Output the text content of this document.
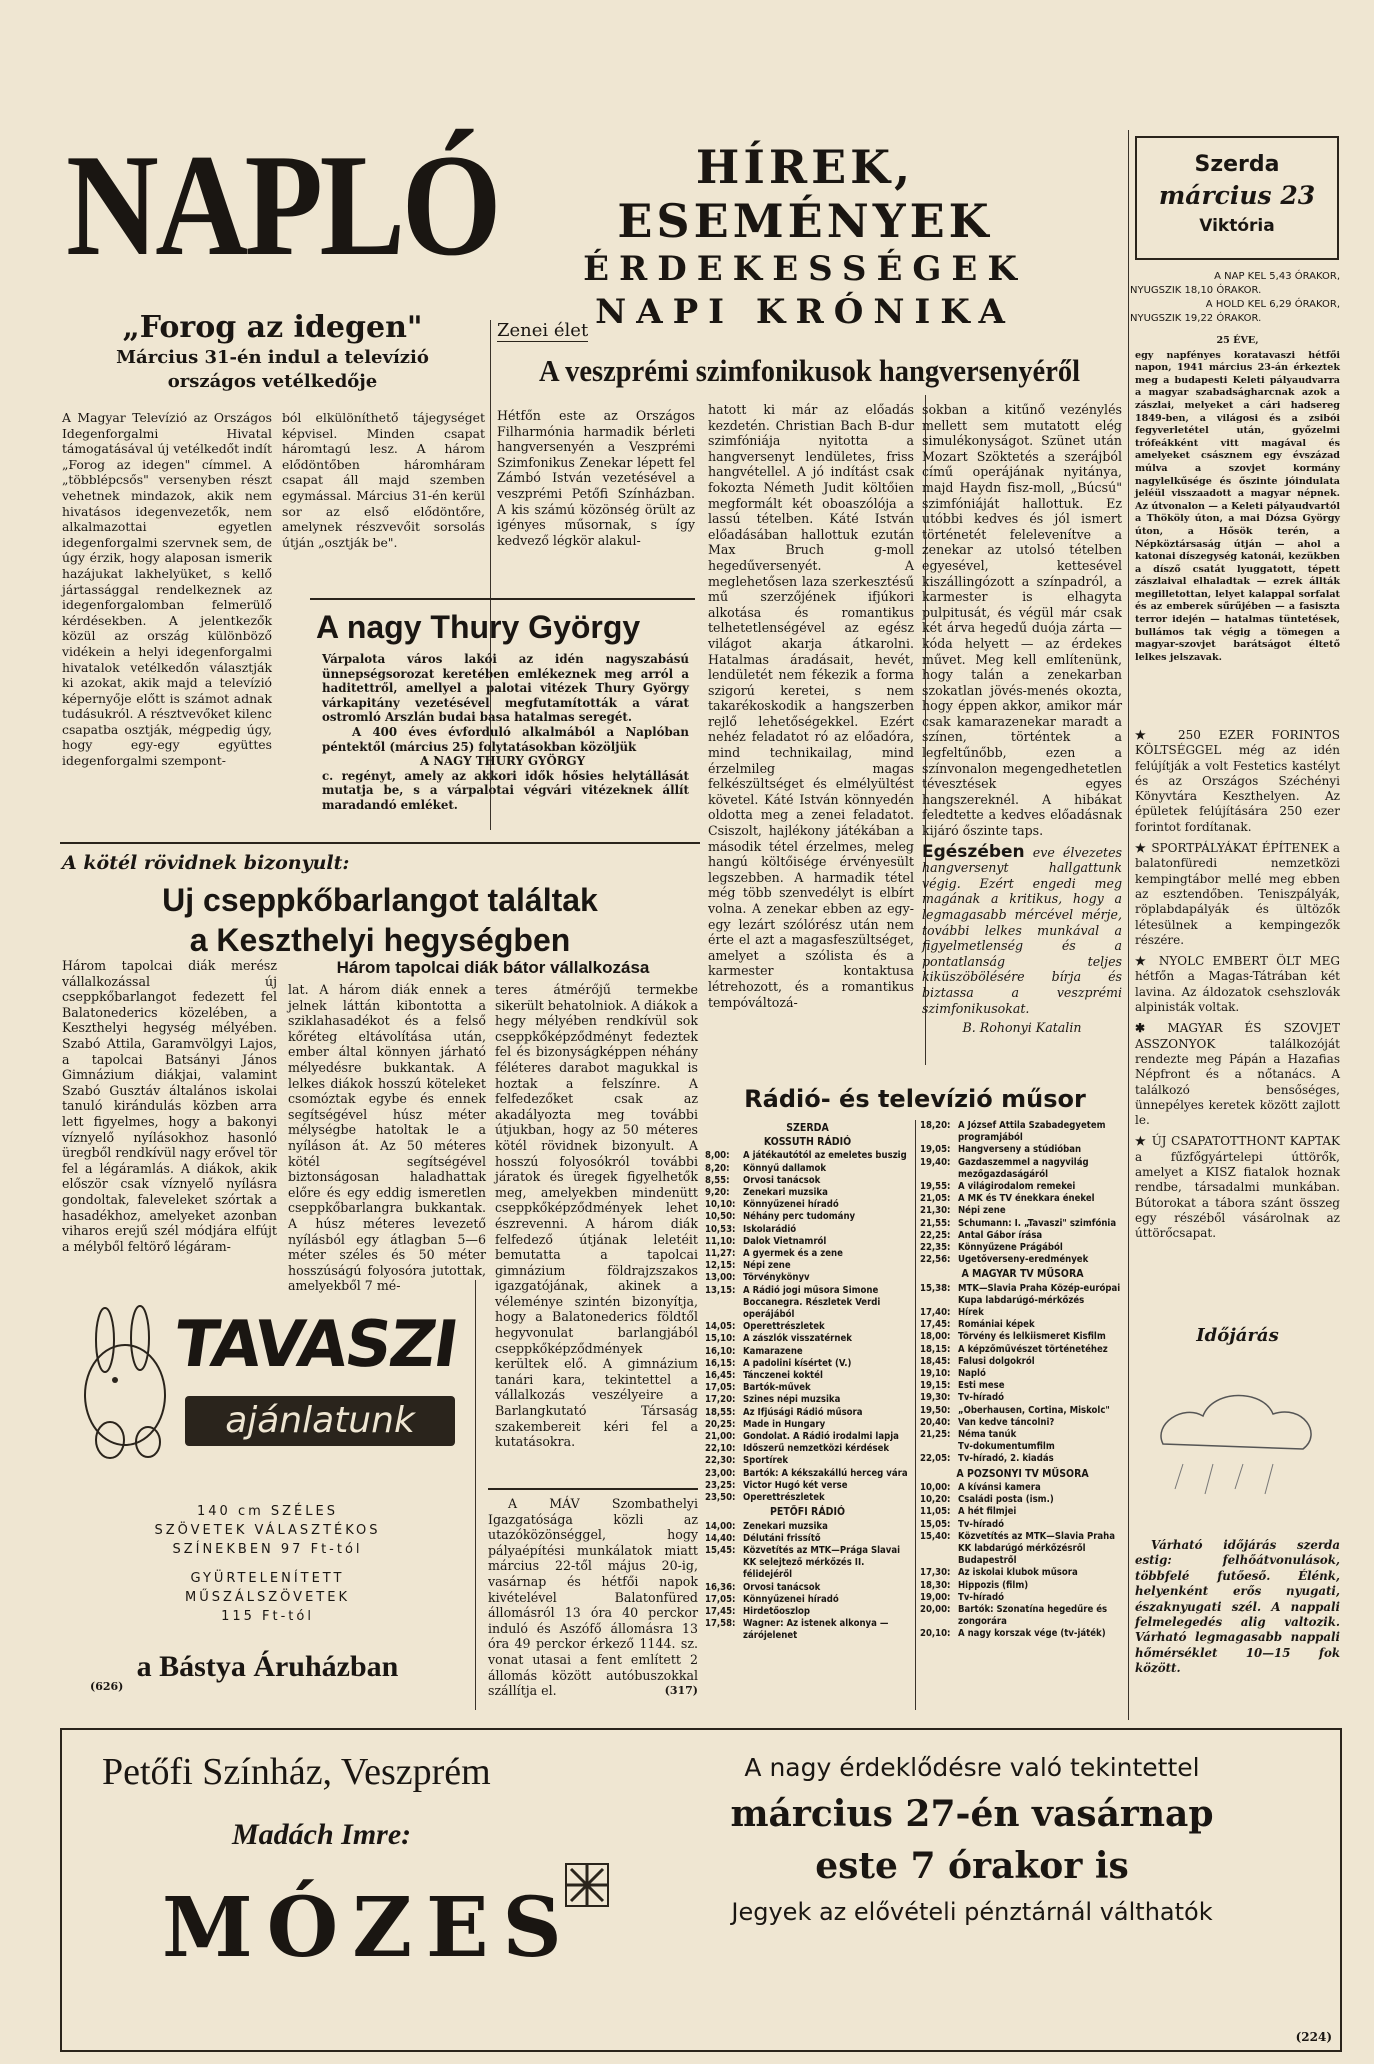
NAPLÓ	HÍREK, ESEMÉNYEK
ÉRDEKESSÉGEK
NAPI KRÓNIKA
Szerda
március 23
Viktória
A NAP KEL 5,43 ÓRAKOR,
NYUGSZIK 18,10 ÓRAKOR.
A HOLD KEL 6,29 ÓRAKOR,
NYUGSZIK 19,22 ÓRAKOR.
25 ÉVE,
egy napfényes koratavaszi hétfői napon, 1941 március 23-án érkeztek meg a budapesti Keleti pályaudvarra a magyar szabadságharcnak azok a zászlai, melyeket a cári hadsereg 1849-ben, a világosi és a zsibói fegyverletétel után, győzelmi trófeákként vitt magával és amelyeket császnem egy évszázad múlva a szovjet kormány nagylelkűsége és őszinte jóindulata jeléül visszaadott a magyar népnek. Az útvonalon — a Keleti pályaudvartól a Thököly úton, a mai Dózsa György úton, a Hősök terén, a Népköztársaság útján — ahol a katonai díszegység katonái, kezükben a dísző csatát lyuggatott, tépett zászlaival elhaladtak — ezrek állták megilletottan, lelyet kalappal sorfalat és az emberek sűrűjében — a fasiszta terror idején — hatalmas tüntetések, bullámos tak végig a tömegen a magyar-szovjet barátságot éltető lelkes jelszavak.
„Forog az idegen"
Március 31-én indul a televízió
országos vetélkedője
A Magyar Televízió az Országos Idegenforgalmi Hivatal támogatásával új vetélkedőt indít „Forog az idegen" címmel. A „többlépcsős" versenyben részt vehetnek mindazok, akik nem hivatásos idegenvezetők, nem alkalmazottai egyetlen idegenforgalmi szervnek sem, de úgy érzik, hogy alaposan ismerik hazájukat lakhelyüket, s kellő jártassággal rendelkeznek az idegenforgalomban felmerülő kérdésekben. A jelentkezők közül az ország különböző vidékein a helyi idegenforgalmi hivatalok vetélkedőn választják ki azokat, akik majd a televízió képernyője előtt is számot adnak tudásukról. A résztvevőket kilenc csapatba osztják, mégpedig úgy, hogy egy-egy együttes idegenforgalmi szempont-
ból elkülöníthető tájegységet képvisel. Minden csapat háromtagú lesz. A három elődöntőben háromháram csapat áll majd szemben egymással. Március 31-én kerül sor az első elődöntőre, amelynek részvevőit sorsolás útján „osztják be".
Zenei élet
A veszprémi szimfonikusok hangversenyéről
Hétfőn este az Országos Filharmónia harmadik bérleti hangversenyén a Veszprémi Szimfonikus Zenekar lépett fel Zámbó István vezetésével a veszprémi Petőfi Színházban. A kis számú közönség örült az igényes műsornak, s így kedvező légkör alakul-
hatott ki már az előadás kezdetén. Christian Bach B-dur szimfóniája nyitotta a hangversenyt lendületes, friss hangvétellel. A jó indítást csak fokozta Németh Judit költőien megformált két oboaszólója a lassú tételben. Káté István előadásában hallottuk ezután Max Bruch g-moll hegedűversenyét. A meglehetősen laza szerkesztésű mű szerzőjének ifjúkori alkotása és romantikus telhetetlenségével az egész világot akarja átkarolni. Hatalmas áradásait, hevét, lendületét nem fékezik a forma szigorú keretei, s nem takarékoskodik a hangszerben rejlő lehetőségekkel. Ezért nehéz feladatot ró az előadóra, mind technikailag, mind érzelmileg magas felkészültséget és elmélyültést követel. Káté István könnyedén oldotta meg a zenei feladatot. Csiszolt, hajlékony játékában a második tétel érzelmes, meleg hangú költőisége érvényesült legszebben. A harmadik tétel még több szenvedélyt is elbírt volna. A zenekar ebben az egy-egy lezárt szólórész után nem érte el azt a magasfeszültséget, amelyet a szólista és a karmester kontaktusa létrehozott, és a romantikus tempóváltozá-
sokban a kitűnő vezénylés mellett sem mutatott elég simulékonyságot. Szünet után Mozart Szöktetés a szerájból című operájának nyitánya, majd Haydn fisz-moll, „Búcsú" szimfóniáját hallottuk. Ez utóbbi kedves és jól ismert történetét felelevenítve a zenekar az utolsó tételben egyesével, kettesével kiszállingózott a színpadról, a karmester is elhagyta pulpitusát, és végül már csak két árva hegedű duója zárta — kóda helyett — az érdekes művet. Meg kell említenünk, hogy talán a zenekarban szokatlan jövés-menés okozta, hogy éppen akkor, amikor már csak kamarazenekar maradt a színen, történtek a legfeltűnőbb, ezen a színvonalon megengedhetetlen tévesztések egyes hangszereknél. A hibákat feledtette a kedves előadásnak kijáró őszinte taps.
Egészében eve élvezetes hangversenyt hallgattunk végig. Ezért engedi meg magának a kritikus, hogy a legmagasabb mércével mérje, további lelkes munkával a figyelmetlenség és a pontatlanság teljes kiküszöbölésére bírja és biztassa a veszprémi szimfonikusokat.
B. Rohonyi Katalin
A nagy Thury György
Várpalota város lakói az idén nagyszabású ünnepségsorozat keretében emlékeznek meg arról a haditettről, amellyel a palotai vitézek Thury György várkapitány vezetésével megfutamították a várat ostromló Arszlán budai basa hatalmas seregét.
A 400 éves évforduló alkalmából a Naplóban péntektől (március 25) folytatásokban közöljük
A NAGY THURY GYÖRGY
c. regényt, amely az akkori idők hősies helytállását mutatja be, s a várpalotai végvári vitézeknek állít maradandó emléket.
A kötél rövidnek bizonyult:
Uj cseppkőbarlangot találtak
a Keszthelyi hegységben
Három tapolcai diák merész vállalkozással új cseppkőbarlangot fedezett fel Balatonederics közelében, a Keszthelyi hegység mélyében. Szabó Attila, Garamvölgyi Lajos, a tapolcai Batsányi János Gimnázium diákjai, valamint Szabó Gusztáv általános iskolai tanuló kirándulás közben arra lett figyelmes, hogy a bakonyi víznyelő nyílásokhoz hasonló üregből rendkívül nagy erővel tör fel a légáramlás. A diákok, akik először csak víznyelő nyílásra gondoltak, faleveleket szórtak a hasadékhoz, amelyeket azonban viharos erejű szél módjára elfújt a mélyből feltörő légáram-
Három tapolcai diák bátor vállalkozása
lat. A három diák ennek a jelnek láttán kibontotta a sziklahasadékot és a felső kőréteg eltávolítása után, ember által könnyen járható mélyedésre bukkantak. A lelkes diákok hosszú köteleket csomóztak egybe és ennek segítségével húsz méter mélységbe hatoltak le a nyíláson át. Az 50 méteres kötél segítségével biztonságosan haladhattak előre és egy eddig ismeretlen cseppkőbarlangra bukkantak. A húsz méteres levezető nyílásból egy átlagban 5—6 méter széles és 50 méter hosszúságú folyosóra jutottak, amelyekből 7 mé-
teres átmérőjű termekbe sikerült behatolniok. A diákok a hegy mélyében rendkívül sok cseppkőképződményt fedeztek fel és bizonyságképpen néhány féléteres darabot magukkal is hoztak a felszínre. A felfedezőket csak az akadályozta meg további útjukban, hogy az 50 méteres kötél rövidnek bizonyult. A hosszú folyosókról további járatok és üregek figyelhetők meg, amelyekben mindenütt cseppkőképződmények lehet észrevenni. A három diák felfedező útjának leletéit bemutatta a tapolcai gimnázium földrajzszakos igazgatójának, akinek a véleménye szintén bizonyítja, hogy a Balatonederics földtől hegyvonulat barlangjából cseppkőképződmények kerültek elő. A gimnázium tanári kara, tekintettel a vállalkozás veszélyeire a Barlangkutató Társaság szakembereit kéri fel a kutatásokra.
TAVASZI
ajánlatunk
140 cm SZÉLES
SZÖVETEK VÁLASZTÉKOS
SZÍNEKBEN 97 Ft-tól
GYÜRTELENÍTETT
MŰSZÁLSZÖVETEK
115 Ft-tól
a Bástya Áruházban
(626)
A MÁV Szombathelyi Igazgatósága közli az utazóközönséggel, hogy pályaépítési munkálatok miatt március 22-től május 20-ig, vasárnap és hétfői napok kivételével Balatonfüred állomásról 13 óra 40 perckor induló és Aszófő állomásra 13 óra 49 perckor érkező 1144. sz. vonat utasai a fent említett 2 állomás között autóbuszokkal szállítja el.	(317)
Rádió- és televízió műsor
SZERDA
KOSSUTH RÁDIÓ
8,00:	A játékautótól az emeletes buszig
8,20:	Könnyű dallamok
8,55:	Orvosi tanácsok
9,20:	Zenekari muzsika
10,10: Könnyűzenei híradó
10,50: Néhány perc tudomány
10,53: Iskolarádió
11,10: Dalok Vietnamról
11,27: A gyermek és a zene
12,15: Népi zene
13,00: Törvénykönyv
13,15: A Rádió jogi műsora Simone Boccanegra. Részletek Verdi operájából
14,05: Operettrészletek
15,10: A zászlók visszatérnek
16,10: Kamarazene
16,15: A padolini kísértet (V.)
16,45: Tánczenei koktél
17,05: Bartók-művek
17,20: Szines népi muzsika
18,55: Az Ifjúsági Rádió műsora
20,25: Made in Hungary
21,00: Gondolat. A Rádió irodalmi lapja
22,10: Időszerű nemzetközi kérdések
22,30: Sportírek
23,00: Bartók: A kékszakállú herceg vára
23,25: Victor Hugó két verse
23,50: Operettrészletek
PETŐFI RÁDIÓ
14,00: Zenekari muzsika
14,40: Délutáni frissítő
15,45: Közvetítés az MTK—Prága Slavai KK selejtező mérkőzés II. félidejéről
16,36: Orvosi tanácsok
17,05: Könnyűzenei híradó
17,45: Hirdetőoszlop
17,58: Wagner: Az istenek alkonya — zárójelenet
18,20: A József Attila Szabadegyetem programjából
19,05: Hangverseny a stúdióban
19,40: Gazdaszemmel a nagyvilág mezőgazdaságáról
19,55: A világirodalom remekei
21,05: A MK és TV énekkara énekel
21,30: Népi zene
21,55: Schumann: I. „Tavaszi" szimfónia
22,25: Antal Gábor írása
22,35: Könnyűzene Prágából
22,56: Ugetőverseny-eredmények
A MAGYAR TV MŰSORA
15,38: MTK—Slavia Praha Közép-európai Kupa labdarúgó-mérkőzés
17,40: Hírek
17,45: Romániai képek
18,00: Törvény és lelkiismeret Kisfilm
18,15: A képzőművészet történetéhez
18,45: Falusi dolgokról
19,10: Napló
19,15: Esti mese
19,30: Tv-híradó
19,50: „Oberhausen, Cortina, Miskolc"
20,40: Van kedve táncolni?
21,25: Néma tanúk
Tv-dokumentumfilm
22,05: Tv-híradó, 2. kiadás
A POZSONYI TV MŰSORA
10,00: A kívánsi kamera
10,20: Családi posta (ism.)
11,05: A hét filmjei
15,05: Tv-híradó
15,40: Közvetítés az MTK—Slavia Praha KK labdarúgó mérkőzésről Budapestről
17,30: Az iskolai klubok műsora
18,30: Hippozis (film)
19,00: Tv-híradó
20,00: Bartók: Szonatína hegedűre és zongorára
20,10: A nagy korszak vége (tv-játék)
★ 250 EZER FORINTOS KÖLTSÉGGEL még az idén felújítják a volt Festetics kastélyt és az Országos Széchényi Könyvtára Keszthelyen. Az épületek felújítására 250 ezer forintot fordítanak.
★ SPORTPÁLYÁKAT ÉPÍTENEK a balatonfüredi nemzetközi kempingtábor mellé meg ebben az esztendőben. Teniszpályák, röplabdapályák és ültözők létesülnek a kempingezők részére.
★ NYOLC EMBERT ÖLT MEG hétfőn a Magas-Tátrában két lavina. Az áldozatok csehszlovák alpinisták voltak.
✱ MAGYAR ÉS SZOVJET ASSZONYOK találkozóját rendezte meg Pápán a Hazafias Népfront és a nőtanács. A találkozó bensőséges, ünnepélyes keretek között zajlott le.
★ ÚJ CSAPATOTTHONT KAPTAK a fűzfőgyártelepi úttörők, amelyet a KISZ fiatalok hoznak rendbe, társadalmi munkában. Bútorokat a tábora szánt összeg egy részéből vásárolnak az úttörőcsapat.
Időjárás
Várható időjárás szerda estig: felhőátvonulások, többfelé futőeső. Élénk, helyenként erős nyugati, északnyugati szél. A nappali felmelegedés alig valtozik. Várható legmagasabb nappali hőmérséklet 10—15 fok között.
Petőfi Színház, Veszprém
Madách Imre:
MÓZES
A nagy érdeklődésre való tekintettel
március 27-én vasárnap
este 7 órakor is
Jegyek az elővételi pénztárnál válthatók
(224)
